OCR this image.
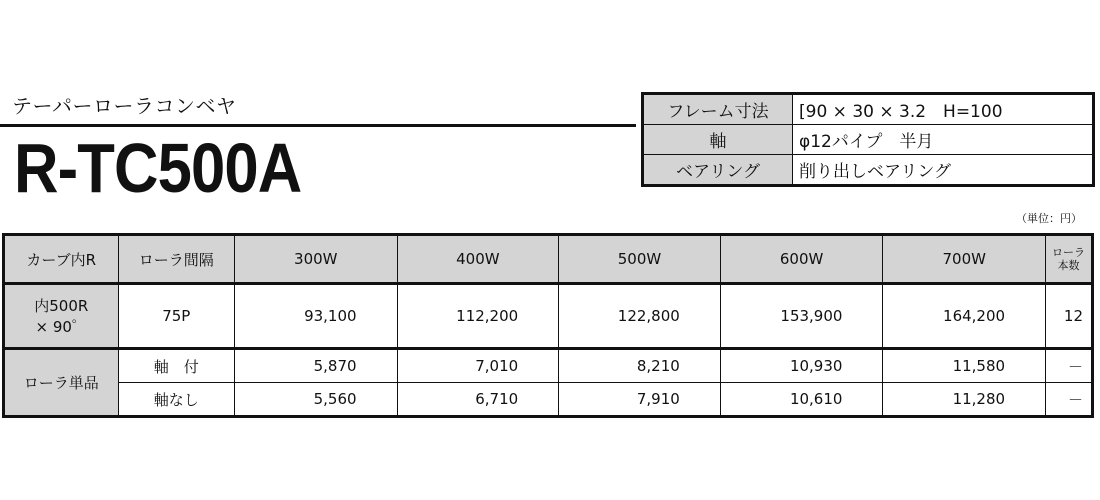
テーパーローラコンベヤ
R-TC500A
フレーム寸法	[90 × 30 × 3.2　H=100
軸	φ12パイプ　半月
ベアリング	削り出しベアリング
（単位：円）
カーブ内R	ローラ間隔	300W	400W	500W	600W	700W	ローラ本数

内500R
× 90゜	75P	93,100	112,200	122,800	153,900	164,200	12
ローラ単品	軸　付	5,870	7,010	8,210	10,930	11,580	－
	軸なし	5,560	6,710	7,910	10,610	11,280	－
